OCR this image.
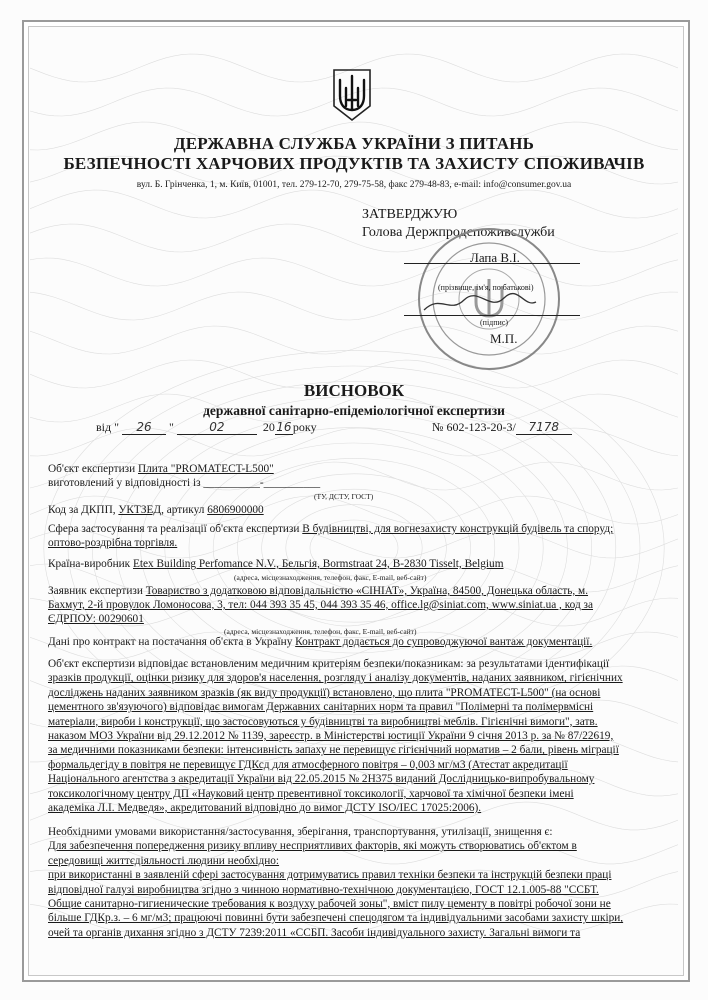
ДЕРЖАВНА СЛУЖБА УКРАЇНИ З ПИТАНЬ
БЕЗПЕЧНОСТІ ХАРЧОВИХ ПРОДУКТІВ ТА ЗАХИСТУ СПОЖИВАЧІВ
вул. Б. Грінченка, 1, м. Київ, 01001, тел. 279-12-70, 279-75-58, факс 279-48-83, e-mail: info@consumer.gov.ua
ЗАТВЕРДЖУЮ
Голова Держпродспоживслужби
Лапа В.І.
(прізвище, ім'я, по батькові)
(підпис)
М.П.
ВИСНОВОК
державної санітарно-епідеміологічної експертизи
від " 26 "	02	2016року	№ 602-123-20-3/ 7178
Об'єкт експертизи Плита "PROMATECT-L500"
виготовлений у відповідності із __________-__________
(ТУ, ДСТУ, ГОСТ)
Код за ДКПП, УКТЗЕД, артикул 6806900000
Сфера застосування та реалізації об'єкта експертизи В будівництві, для вогнезахисту конструкцій будівель та споруд;
оптово-роздрібна торгівля.
Країна-виробник Etex Building Perfomance N.V., Бельгія, Bormstraat 24, B-2830 Tisselt, Belgium
(адреса, місцезнаходження, телефон, факс, E-mail, веб-сайт)
Заявник експертизи Товариство з додатковою відповідальністю «СІНІАТ», Україна, 84500, Донецька область, м.
Бахмут, 2-й провулок Ломоносова, 3, тел: 044 393 35 45, 044 393 35 46, office.lg@siniat.com, www.siniat.ua , код за
ЄДРПОУ: 00290601
(адреса, місцезнаходження, телефон, факс, E-mail, веб-сайт)
Дані про контракт на постачання об'єкта в Україну Контракт додається до супроводжуючої вантаж документації.
Об'єкт експертизи відповідає встановленим медичним критеріям безпеки/показникам: за результатами ідентифікації
зразків продукції, оцінки ризику для здоров'я населення, розгляду і аналізу документів, наданих заявником, гігієнічних
досліджень наданих заявником зразків (як виду продукції) встановлено, що плита "PROMATECT-L500" (на основі
цементного зв'язуючого) відповідає вимогам Державних санітарних норм та правил "Полімерні та полімервмісні
матеріали, вироби і конструкції, що застосовуються у будівництві та виробництві меблів. Гігієнічні вимоги", затв.
наказом МОЗ України від 29.12.2012 № 1139, зареєстр. в Міністерстві юстиції України 9 січня 2013 р. за № 87/22619,
за медичними показниками безпеки: інтенсивність запаху не перевищує гігієнічний норматив – 2 бали, рівень міграції
формальдегіду в повітря не перевищує ГДКсд для атмосферного повітря – 0,003 мг/м3 (Атестат акредитації
Національного агентства з акредитації України від 22.05.2015 № 2Н375 виданий Дослідницько-випробувальному
токсикологічному центру ДП «Науковий центр превентивної токсикології, харчової та хімічної безпеки імені
академіка Л.І. Медведя», акредитований відповідно до вимог ДСТУ ISO/IEC 17025:2006).
Необхідними умовами використання/застосування, зберігання, транспортування, утилізації, знищення є:
Для забезпечення попередження ризику впливу несприятливих факторів, які можуть створюватись об'єктом в
середовищі життєдіяльності людини необхідно:
при використанні в заявленій сфері застосування дотримуватись правил техніки безпеки та інструкцій безпеки праці
відповідної галузі виробництва згідно з чинною нормативно-технічною документацією, ГОСТ 12.1.005-88 "ССБТ.
Общие санитарно-гигиенические требования к воздуху рабочей зоны", вміст пилу цементу в повітрі робочої зони не
більше ГДКр.з. – 6 мг/м3; працюючі повинні бути забезпечені спецодягом та індивідуальними засобами захисту шкіри,
очей та органів дихання згідно з ДСТУ 7239:2011 «ССБП. Засоби індивідуального захисту. Загальні вимоги та
